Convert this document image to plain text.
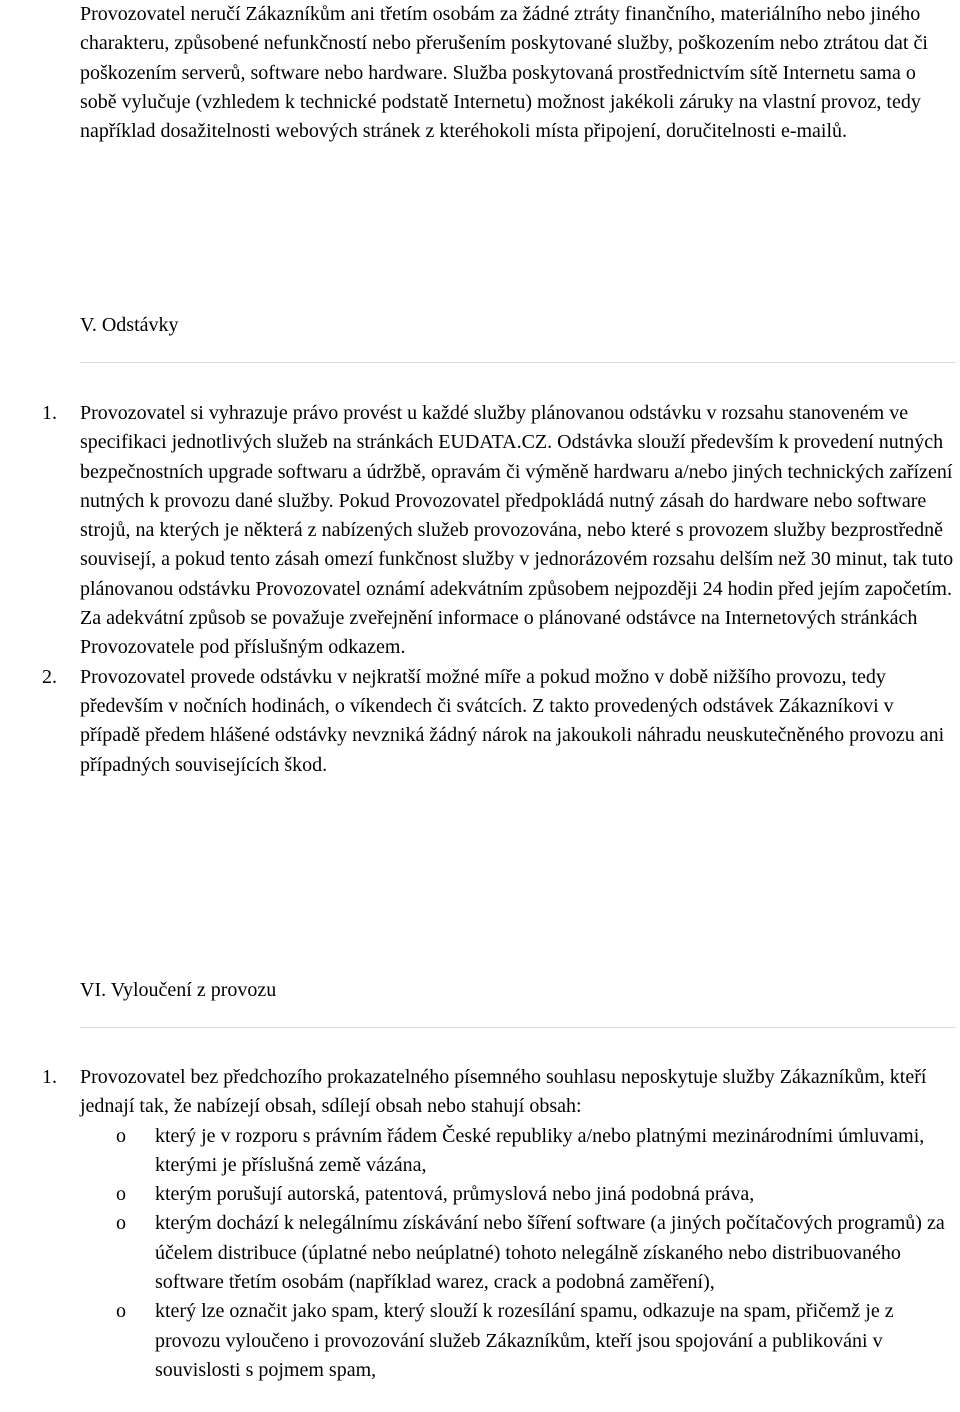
Provozovatel neručí Zákazníkům ani třetím osobám za žádné ztráty finančního, materiálního nebo jiného charakteru, způsobené nefunkčností nebo přerušením poskytované služby, poškozením nebo ztrátou dat či poškozením serverů, software nebo hardware. Služba poskytovaná prostřednictvím sítě Internetu sama o sobě vylučuje (vzhledem k technické podstatě Internetu) možnost jakékoli záruky na vlastní provoz, tedy například dosažitelnosti webových stránek z kteréhokoli místa připojení, doručitelnosti e-mailů.

V. Odstávky
1. Provozovatel si vyhrazuje právo provést u každé služby plánovanou odstávku v rozsahu stanoveném ve specifikaci jednotlivých služeb na stránkách EUDATA.CZ. Odstávka slouží především k provedení nutných bezpečnostních upgrade softwaru a údržbě, opravám či výměně hardwaru a/nebo jiných technických zařízení nutných k provozu dané služby. Pokud Provozovatel předpokládá nutný zásah do hardware nebo software strojů, na kterých je některá z nabízených služeb provozována, nebo které s provozem služby bezprostředně souvisejí, a pokud tento zásah omezí funkčnost služby v jednorázovém rozsahu delším než 30 minut, tak tuto plánovanou odstávku Provozovatel oznámí adekvátním způsobem nejpozději 24 hodin před jejím započetím. Za adekvátní způsob se považuje zveřejnění informace o plánované odstávce na Internetových stránkách Provozovatele pod příslušným odkazem.
2. Provozovatel provede odstávku v nejkratší možné míře a pokud možno v době nižšího provozu, tedy především v nočních hodinách, o víkendech či svátcích. Z takto provedených odstávek Zákazníkovi v případě předem hlášené odstávky nevzniká žádný nárok na jakoukoli náhradu neuskutečněného provozu ani případných souvisejících škod.
VI. Vyloučení z provozu
1. Provozovatel bez předchozího prokazatelného písemného souhlasu neposkytuje služby Zákazníkům, kteří jednají tak, že nabízejí obsah, sdílejí obsah nebo stahují obsah:
o který je v rozporu s právním řádem České republiky a/nebo platnými mezinárodními úmluvami, kterými je příslušná země vázána,
o kterým porušují autorská, patentová, průmyslová nebo jiná podobná práva,
o kterým dochází k nelegálnímu získávání nebo šíření software (a jiných počítačových programů) za účelem distribuce (úplatné nebo neúplatné) tohoto nelegálně získaného nebo distribuovaného software třetím osobám (například warez, crack a podobná zaměření),
o který lze označit jako spam, který slouží k rozesílání spamu, odkazuje na spam, přičemž je z provozu vyloučeno i provozování služeb Zákazníkům, kteří jsou spojování a publikováni v souvislosti s pojmem spam,
